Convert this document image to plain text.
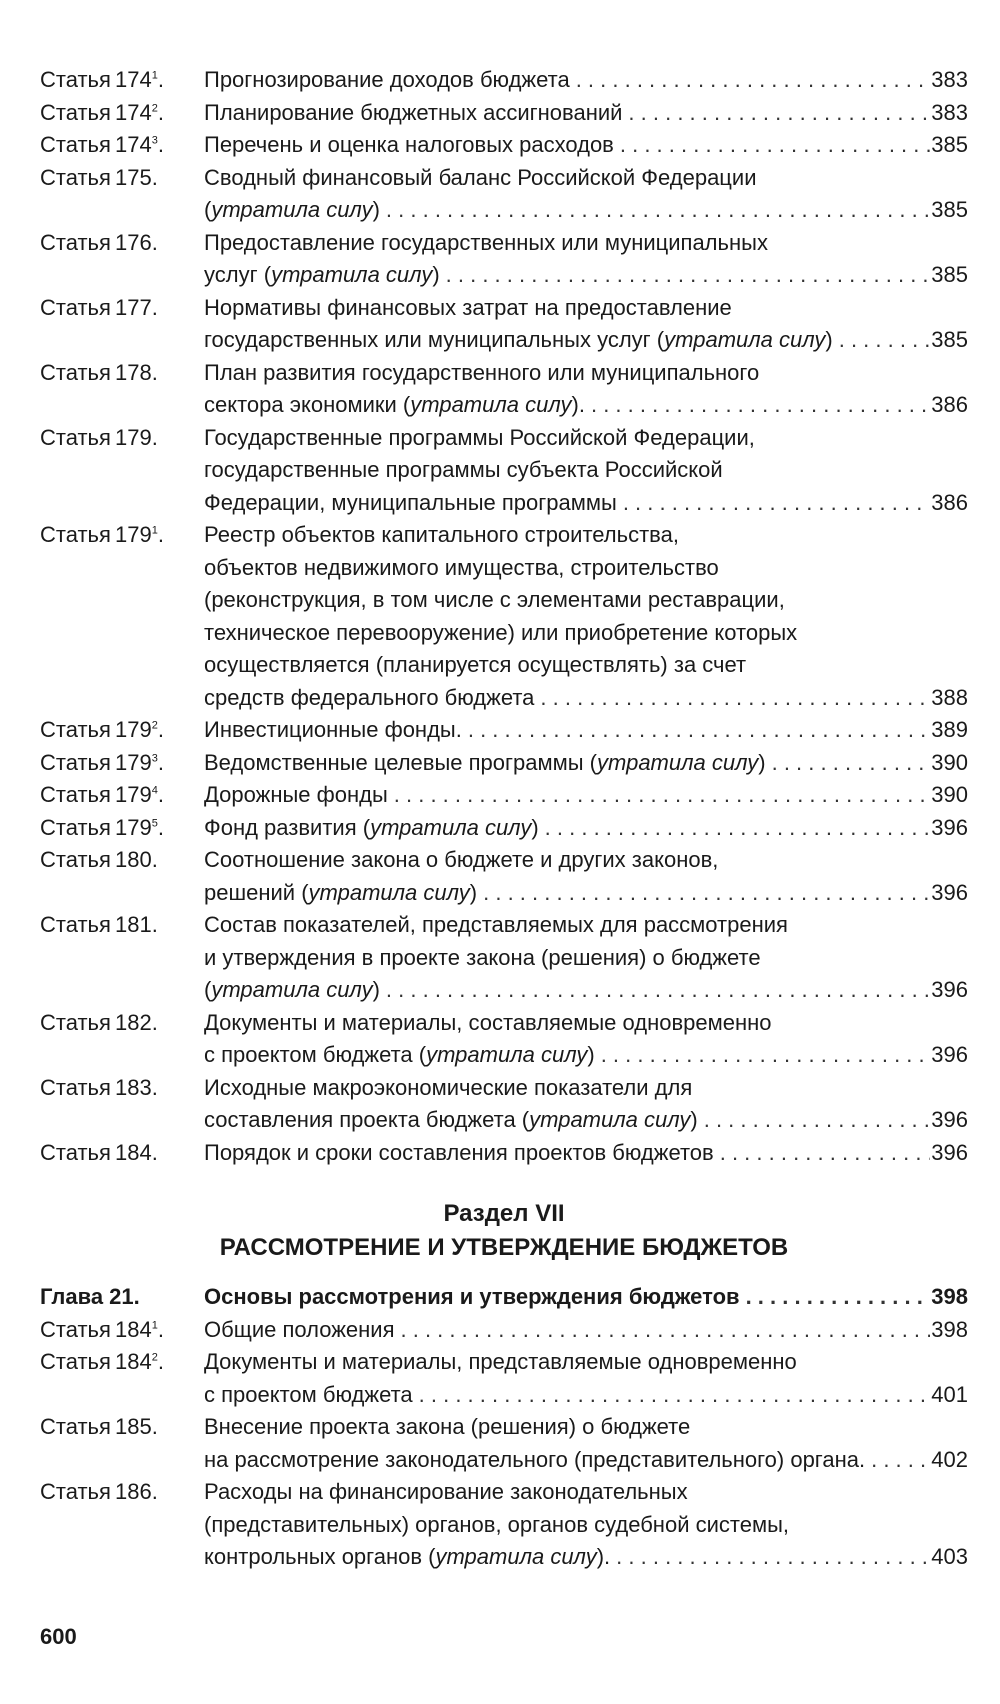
Статья $174^1$. Прогнозирование доходов бюджета . . .	383
Статья $174^2$. Планирование бюджетных ассигнований . . .	383
Статья $174^3$. Перечень и оценка налоговых расходов . . .	385
Статья 175. Сводный финансовый баланс Российской Федерации
(утратила силу) . . .	385
Статья 176. Предоставление государственных или муниципальных
услуг (утратила силу) . . .	385
Статья 177. Нормативы финансовых затрат на предоставление
государственных или муниципальных услуг (утратила силу) . . .	385
Статья 178. План развития государственного или муниципального
сектора экономики (утратила силу). . . .	386
Статья 179. Государственные программы Российской Федерации,
государственные программы субъекта Российской
Федерации, муниципальные программы . . .	386
Статья $179^1$. Реестр объектов капитального строительства,
объектов недвижимого имущества, строительство
(реконструкция, в том числе с элементами реставрации,
техническое перевооружение) или приобретение которых
осуществляется (планируется осуществлять) за счет
средств федерального бюджета . . .	388
Статья $179^2$. Инвестиционные фонды. . . .	389
Статья $179^3$. Ведомственные целевые программы (утратила силу) . . .	390
Статья $179^4$. Дорожные фонды . . .	390
Статья $179^5$. Фонд развития (утратила силу) . . .	396
Статья 180. Соотношение закона о бюджете и других законов,
решений (утратила силу) . . .	396
Статья 181. Состав показателей, представляемых для рассмотрения
и утверждения в проекте закона (решения) о бюджете
(утратила силу) . . .	396
Статья 182. Документы и материалы, составляемые одновременно
с проектом бюджета (утратила силу) . . .	396
Статья 183. Исходные макроэкономические показатели для
составления проекта бюджета (утратила силу) . . .	396
Статья 184. Порядок и сроки составления проектов бюджетов . . .	396
Раздел VII
РАССМОТРЕНИЕ И УТВЕРЖДЕНИЕ БЮДЖЕТОВ
Глава 21.	Основы рассмотрения и утверждения бюджетов . . .	398
Статья $184^1$. Общие положения . . .	398
Статья $184^2$. Документы и материалы, представляемые одновременно
с проектом бюджета . . .	401
Статья 185. Внесение проекта закона (решения) о бюджете
на рассмотрение законодательного (представительного) органа. . . .	402
Статья 186. Расходы на финансирование законодательных
(представительных) органов, органов судебной системы,
контрольных органов (утратила силу). . . .	403
600
